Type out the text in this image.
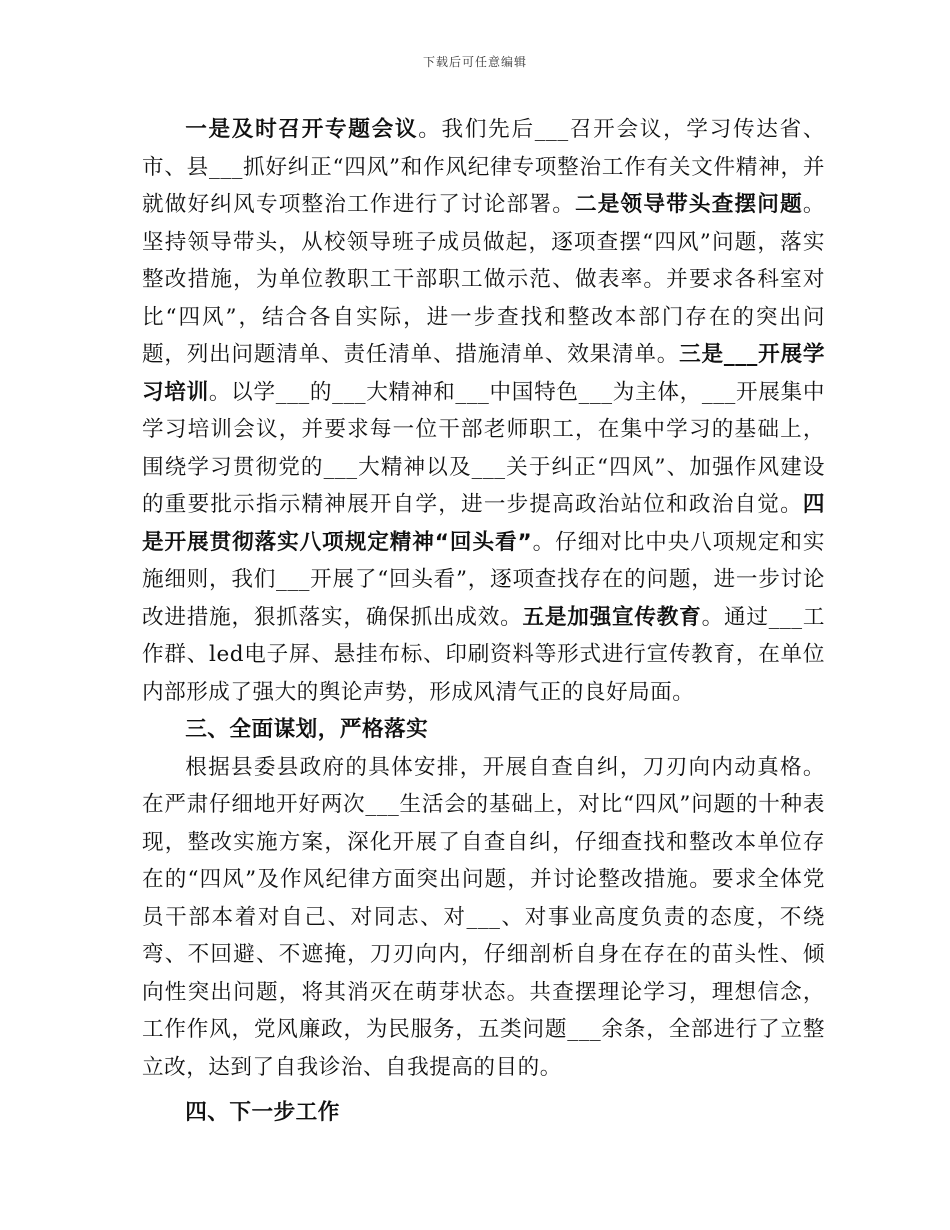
下载后可任意编辑

一是及时召开专题会议。我们先后___召开会议，学习传达省、市、县___抓好纠正“四风”和作风纪律专项整治工作有关文件精神，并就做好纠风专项整治工作进行了讨论部署。二是领导带头查摆问题。坚持领导带头，从校领导班子成员做起，逐项查摆“四风”问题，落实整改措施，为单位教职工干部职工做示范、做表率。并要求各科室对比“四风”，结合各自实际，进一步查找和整改本部门存在的突出问题，列出问题清单、责任清单、措施清单、效果清单。三是___开展学习培训。以学___的___大精神和___中国特色___为主体，___开展集中学习培训会议，并要求每一位干部老师职工，在集中学习的基础上，围绕学习贯彻党的___大精神以及___关于纠正“四风”、加强作风建设的重要批示指示精神展开自学，进一步提高政治站位和政治自觉。四是开展贯彻落实八项规定精神“回头看”。仔细对比中央八项规定和实施细则，我们___开展了“回头看”，逐项查找存在的问题，进一步讨论改进措施，狠抓落实，确保抓出成效。五是加强宣传教育。通过___工作群、led电子屏、悬挂布标、印刷资料等形式进行宣传教育，在单位内部形成了强大的舆论声势，形成风清气正的良好局面。

三、全面谋划，严格落实

根据县委县政府的具体安排，开展自查自纠，刀刃向内动真格。在严肃仔细地开好两次___生活会的基础上，对比“四风”问题的十种表现，整改实施方案，深化开展了自查自纠，仔细查找和整改本单位存在的“四风”及作风纪律方面突出问题，并讨论整改措施。要求全体党员干部本着对自己、对同志、对___、对事业高度负责的态度，不绕弯、不回避、不遮掩，刀刃向内，仔细剖析自身在存在的苗头性、倾向性突出问题，将其消灭在萌芽状态。共查摆理论学习，理想信念，工作作风，党风廉政，为民服务，五类问题___余条，全部进行了立整立改，达到了自我诊治、自我提高的目的。

四、下一步工作
